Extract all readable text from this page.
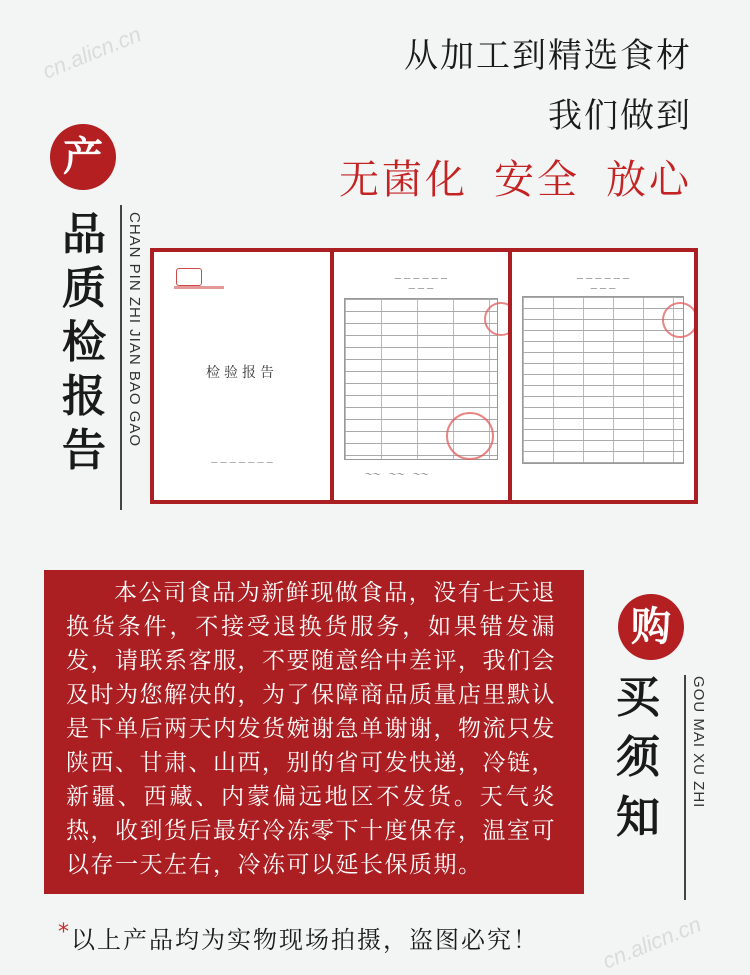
cn.alicn.cn
cn.alicn.cn
从加工到精选食材
我们做到
无菌化 安全 放心
产
品质检报告
CHAN PIN ZHI JIAN BAO GAO	检验报告
— — — — — — —
— — — — — —
— — —
～～　～～　～～
— — — — — —
— — —

本公司食品为新鲜现做食品，没有七天退换货条件，不接受退换货服务，如果错发漏发，请联系客服，不要随意给中差评，我们会及时为您解决的，为了保障商品质量店里默认是下单后两天内发货婉谢急单谢谢，物流只发陕西、甘肃、山西，别的省可发快递，冷链，新疆、西藏、内蒙偏远地区不发货。天气炎热，收到货后最好冷冻零下十度保存，温室可以存一天左右，冷冻可以延长保质期。

购
买须知
GOU MAI XU ZHI
*以上产品均为实物现场拍摄，盗图必究！
